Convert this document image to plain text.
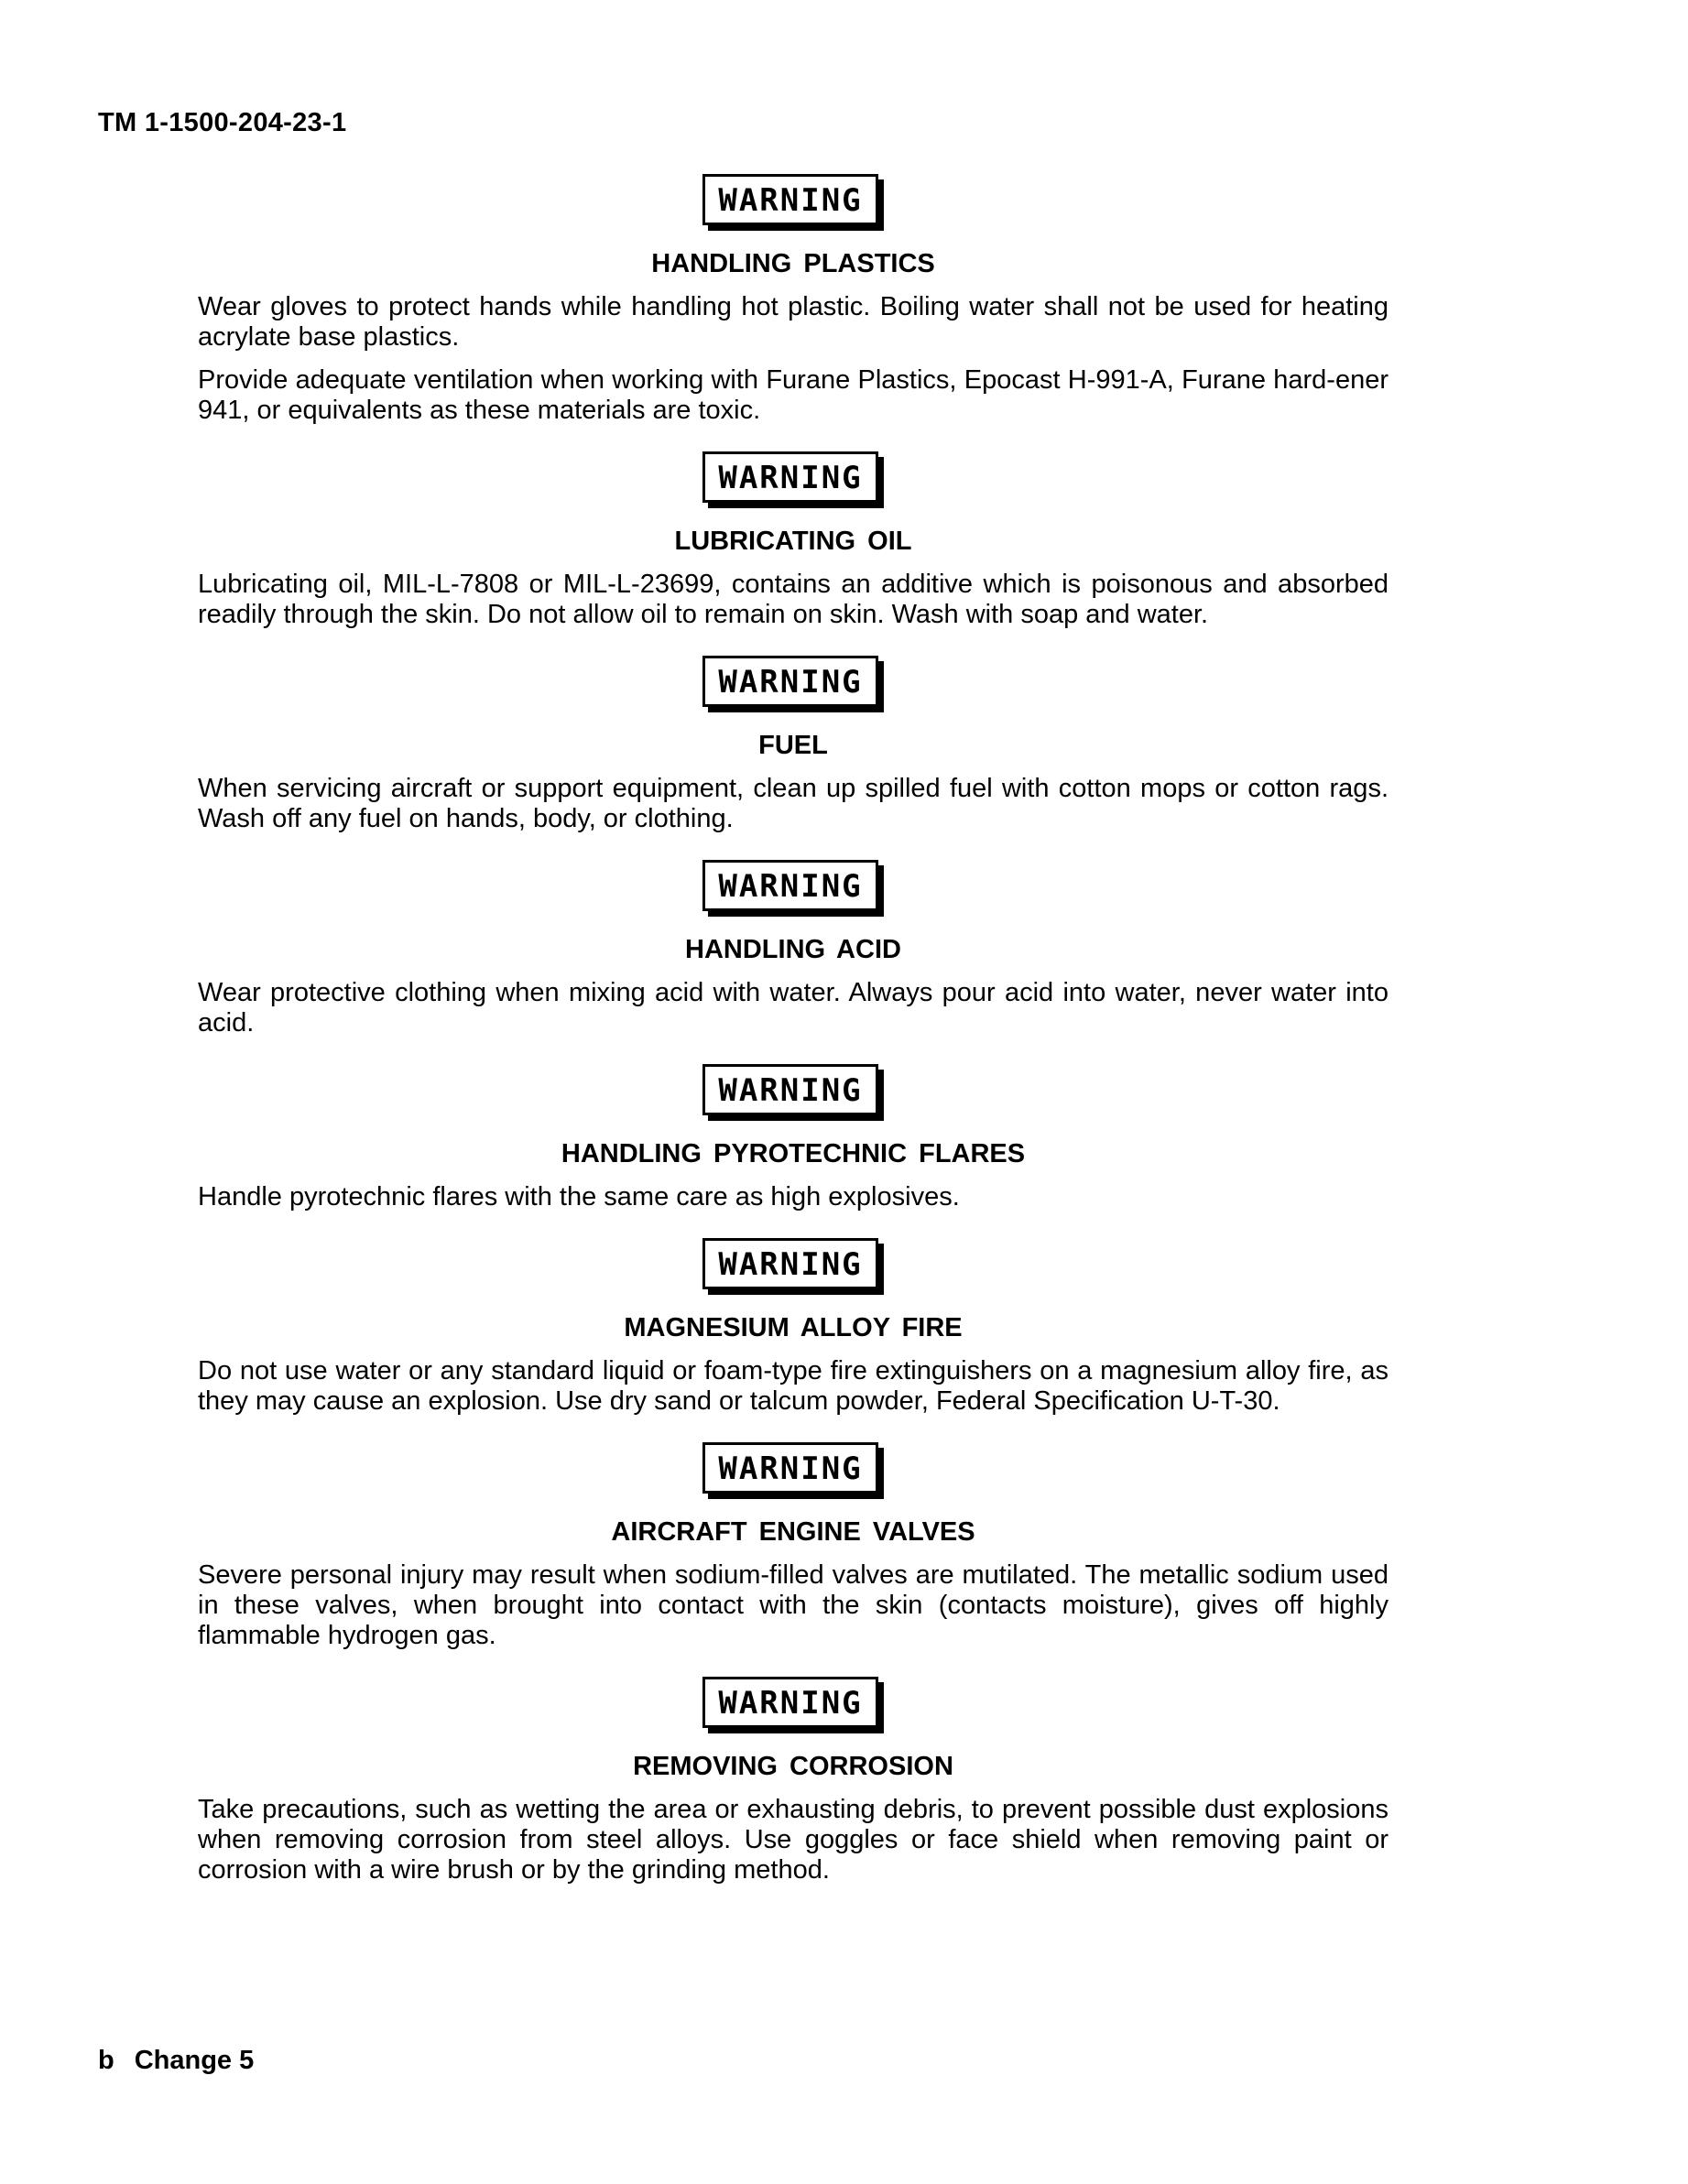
TM 1-1500-204-23-1
WARNING
HANDLING PLASTICS

Wear gloves to protect hands while handling hot plastic. Boiling water shall not be used for heating acrylate base plastics.

Provide adequate ventilation when working with Furane Plastics, Epocast H-991-A, Furane hard-ener 941, or equivalents as these materials are toxic.

WARNING
LUBRICATING OIL

Lubricating oil, MIL-L-7808 or MIL-L-23699, contains an additive which is poisonous and absorbed readily through the skin. Do not allow oil to remain on skin. Wash with soap and water.

WARNING
FUEL

When servicing aircraft or support equipment, clean up spilled fuel with cotton mops or cotton rags. Wash off any fuel on hands, body, or clothing.

WARNING
HANDLING ACID

Wear protective clothing when mixing acid with water. Always pour acid into water, never water into acid.

WARNING
HANDLING PYROTECHNIC FLARES

Handle pyrotechnic flares with the same care as high explosives.

WARNING
MAGNESIUM ALLOY FIRE

Do not use water or any standard liquid or foam-type fire extinguishers on a magnesium alloy fire, as they may cause an explosion. Use dry sand or talcum powder, Federal Specification U-T-30.

WARNING
AIRCRAFT ENGINE VALVES

Severe personal injury may result when sodium-filled valves are mutilated. The metallic sodium used in these valves, when brought into contact with the skin (contacts moisture), gives off highly flammable hydrogen gas.

WARNING
REMOVING CORROSION

Take precautions, such as wetting the area or exhausting debris, to prevent possible dust explosions when removing corrosion from steel alloys. Use goggles or face shield when removing paint or corrosion with a wire brush or by the grinding method.

b Change 5
